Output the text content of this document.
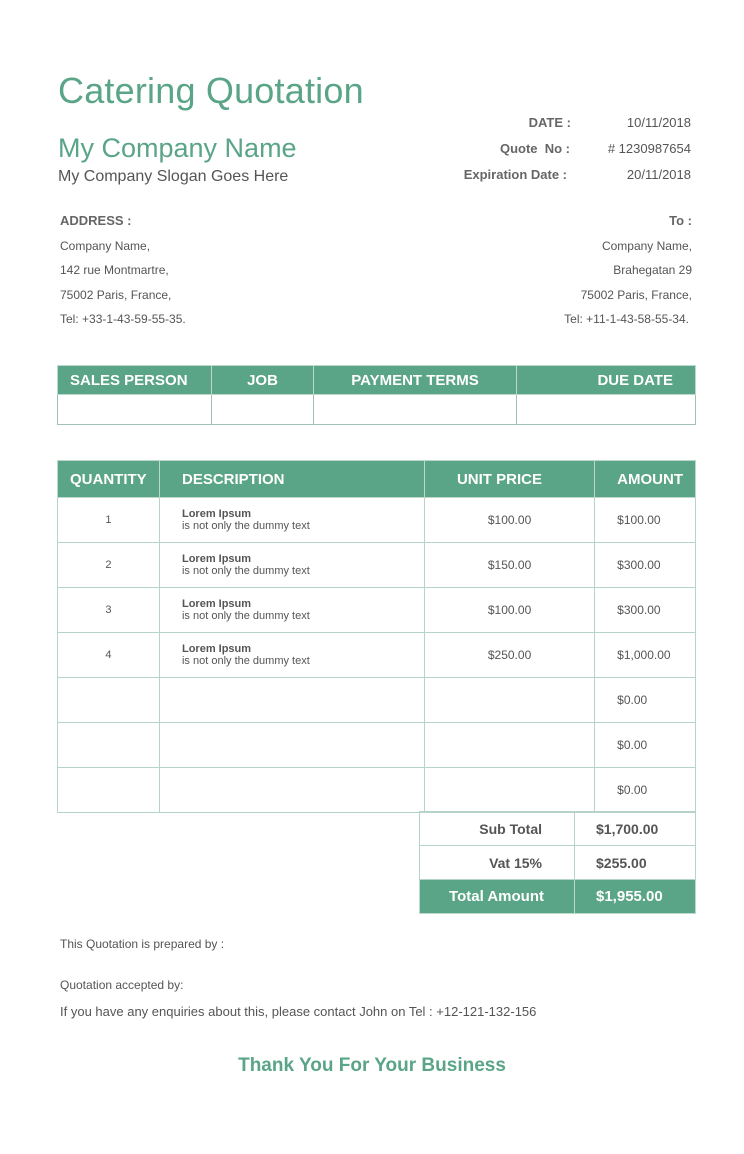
Catering Quotation
My Company Name
My Company Slogan Goes Here
DATE :	10/11/2018
Quote  No :	# 1230987654
Expiration Date :	20/11/2018
ADDRESS :
Company Name,
142 rue Montmartre,
75002 Paris, France,
Tel: +33-1-43-59-55-35.
To :
Company Name,
Brahegatan 29
75002 Paris, France,
Tel: +11-1-43-58-55-34.
SALES PERSON	JOB	PAYMENT TERMS	DUE DATE

QUANTITY	DESCRIPTION	UNIT PRICE	AMOUNT
1	Lorem Ipsum
is not only the dummy text	$100.00	$100.00
2	Lorem Ipsum
is not only the dummy text	$150.00	$300.00
3	Lorem Ipsum
is not only the dummy text	$100.00	$300.00
4	Lorem Ipsum
is not only the dummy text	$250.00	$1,000.00
			$0.00
			$0.00
			$0.00
Sub Total	$1,700.00
Vat 15%	$255.00
Total Amount	$1,955.00
This Quotation is prepared by :
Quotation accepted by:
If you have any enquiries about this, please contact John on Tel : +12-121-132-156
Thank You For Your Business
